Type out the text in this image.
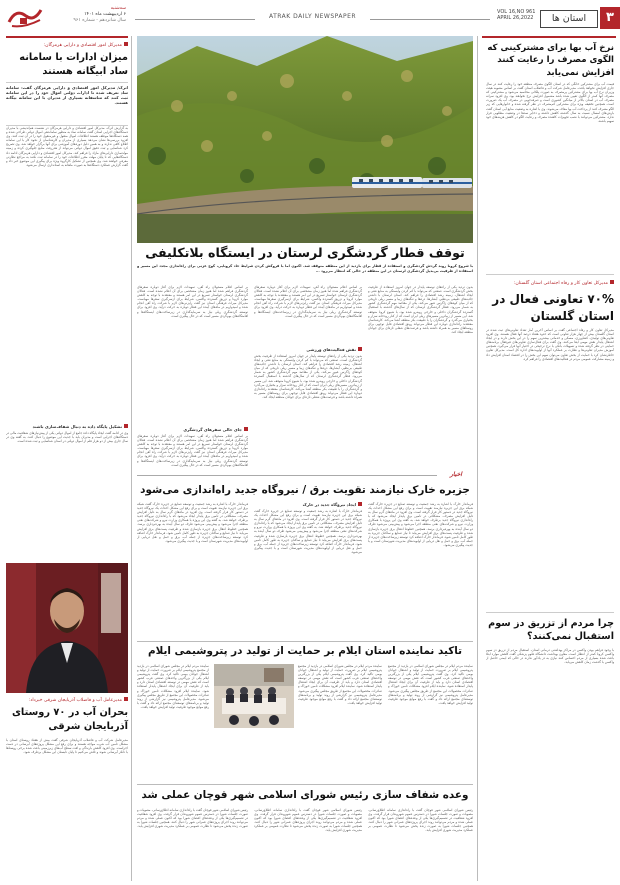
۳
استان ها
VOL 16,NO 961
APRIL 26,2022
ATRAK DAILY NEWSPAPER
سه‌شنبه
۶ اردیبهشت ماه ۱۴۰۱
سال شانزدهم - شماره ۹۶۱
نرخ آب بها برای مشترکینی که الگوی مصرف را رعایت کنند افزایش نمی‌یابد
قیمت آب برای مشترکین خانگی که در استان الگوی مصرف منطقه خود را رعایت کنند در سال جاری افزایش نخواهد یافت. مدیرعامل شرکت آب و فاضلاب استان گفت بر اساس مصوبه هیئت وزیران نرخ آب بها برای مشترکین پرمصرف به صورت پلکانی محاسبه می‌شود و مشترکینی که مصرف آنها کمتر از الگوی تعیین شده باشد مشمول افزایش نرخ نخواهند بود. وی افزود سرانه مصرف آب در استان بالاتر از میانگین کشوری است و صرفه‌جویی در مصرف آب یک ضرورت است. همچنین تخفیف ویژه برای مشترکین کم‌مصرف در نظر گرفته شده و خانوارهایی که زیر الگو مصرف کنند از پرداخت آب بها معاف می‌شوند. وی با اشاره به وضعیت منابع آبی استان گفت بارش‌های امسال نسبت به سال گذشته کاهش داشته و ذخایر سدها در وضعیت مطلوبی قرار ندارد. مشترکین می‌توانند با نصب تجهیزات کاهنده مصرف و رعایت الگو در کاهش هزینه‌های خود سهیم باشند.
مدیرکل تعاون کار و رفاه اجتماعی استان گلستان:
۷۰% تعاونی فعال در استان گلستان
مدیرکل تعاون کار و رفاه اجتماعی گفت بر اساس آخرین آمار تعداد تعاونی‌های ثبت شده در استان گلستان بیش از چهار هزار تعاونی است که حدود هفتاد درصد آنها فعال هستند. وی افزود تعاونی‌های تولیدی، کشاورزی، مسکن و خدماتی بیشترین سهم را در این بخش دارند و در ایجاد اشتغال پایدار نقش مهمی ایفا می‌کنند. وی گفت برای فعال‌سازی تعاونی‌های غیرفعال برنامه‌های حمایتی در نظر گرفته شده و تسهیلات بانکی با نرخ ترجیحی در اختیار آنها قرار می‌گیرد. همچنین آموزش مدیران تعاونی‌ها و نظارت بر عملکرد آنها از اولویت‌های اداره کل است. مدیرکل تعاون خاطرنشان کرد با حمایت از بخش تعاون می‌توان سهم این بخش را در اقتصاد استان افزایش داد و زمینه مشارکت عمومی مردم در فعالیت‌های اقتصادی را فراهم کرد.
چرا مردم از تزریق دز سوم استقبال نمی‌کنند؟
با وجود فراهم بودن واکسن در مراکز بهداشتی درمانی استان، استقبال مردم از تزریق دز سوم واکسن کرونا کمتر از انتظار است. معاون بهداشت دانشگاه علوم پزشکی گفت کاهش موارد ابتلا باعث شده بسیاری از مردم احساس کنند نیازی به دز یادآور ندارند در حالی که ایمنی حاصل از واکسن با گذشت زمان کاهش می‌یابد.
توقف قطار گردشگری لرستان در ایستگاه بلاتکلیفی
با شروع کرونا روند گردش گردشگری و استفاده از قطار برای بازدید از این منطقه متوقف شد. اکنون اما با فروکش کردن شرایط حاد کرونایی، کوچ عزتی برای راه‌اندازی مجدد این مسیر و استفاده از ظرفیت بی‌بدیل گردشگری لرستان در این منطقه در حالی که انتظار می‌رود ...
بدون تردید یکی از راه‌های توسعه پایدار در جهان امروز استفاده از ظرفیت بخش گردشگری است. صنعتی که می‌تواند با کم کردن وابستگی به منابع نفتی و ایجاد اشتغال، زمینه رشد اقتصادی را فراهم کند. استان لرستان با داشتن جاذبه‌های طبیعی بی‌نظیر، آبشارها، دره‌ها و تنگه‌های زیبا و مسیر ریلی تاریخی که از میان کوه‌های زاگرس عبور می‌کند، یکی از مقاصد مهم گردشگری کشور به شمار می‌رود. قطار گردشگری لرستان که از سال‌های گذشته با استقبال گسترده گردشگران داخلی و خارجی روبه‌رو شده بود، با شیوع کرونا متوقف شد. این مسیر از زیباترین مسیرهای ریلی ایران است که از کنار رودخانه سزار و بختیاری می‌گذرد و گردشگران را با طبیعت بکر منطقه آشنا می‌کند. کارشناسان معتقدند راه‌اندازی دوباره این قطار می‌تواند رونق اقتصادی قابل توجهی برای روستاهای مسیر به همراه داشته باشد و فرصت‌های شغلی تازه‌ای برای جوانان منطقه ایجاد کند.
بر اساس اعلام مسئولان راه آهن، تمهیدات لازم برای آغاز دوباره سفرهای گردشگری فراهم شده اما هنوز زمان مشخصی برای آن اعلام نشده است. فعالان گردشگری لرستان خواستار تسریع در این امر هستند و معتقدند با توجه به کاهش موارد کرونا و تزریق گسترده واکسن، شرایط برای ازسرگیری سفرها مهیاست. مدیرکل میراث فرهنگی استان نیز گفت رایزنی‌های لازم با شرکت راه آهن انجام شده و امیدواریم در ماه‌های آینده این قطار دوباره به حرکت درآید. وی افزود برای توسعه گردشگری ریلی نیاز به سرمایه‌گذاری در زیرساخت‌های ایستگاه‌ها و اقامتگاه‌های بوم‌گردی مسیر است که در حال پیگیری است.
نقش فعالیت‌های ورزشی
بدون تردید یکی از راه‌های توسعه پایدار در جهان امروز استفاده از ظرفیت بخش گردشگری است. صنعتی که می‌تواند با کم کردن وابستگی به منابع نفتی و ایجاد اشتغال، زمینه رشد اقتصادی را فراهم کند. استان لرستان با داشتن جاذبه‌های طبیعی بی‌نظیر، آبشارها، دره‌ها و تنگه‌های زیبا و مسیر ریلی تاریخی که از میان کوه‌های زاگرس عبور می‌کند، یکی از مقاصد مهم گردشگری کشور به شمار می‌رود. قطار گردشگری لرستان که از سال‌های گذشته با استقبال گسترده گردشگران داخلی و خارجی روبه‌رو شده بود، با شیوع کرونا متوقف شد. این مسیر از زیباترین مسیرهای ریلی ایران است که از کنار رودخانه سزار و بختیاری می‌گذرد و گردشگران را با طبیعت بکر منطقه آشنا می‌کند. کارشناسان معتقدند راه‌اندازی دوباره این قطار می‌تواند رونق اقتصادی قابل توجهی برای روستاهای مسیر به همراه داشته باشد و فرصت‌های شغلی تازه‌ای برای جوانان منطقه ایجاد کند.
بر اساس اعلام مسئولان راه آهن، تمهیدات لازم برای آغاز دوباره سفرهای گردشگری فراهم شده اما هنوز زمان مشخصی برای آن اعلام نشده است. فعالان گردشگری لرستان خواستار تسریع در این امر هستند و معتقدند با توجه به کاهش موارد کرونا و تزریق گسترده واکسن، شرایط برای ازسرگیری سفرها مهیاست. مدیرکل میراث فرهنگی استان نیز گفت رایزنی‌های لازم با شرکت راه آهن انجام شده و امیدواریم در ماه‌های آینده این قطار دوباره به حرکت درآید. وی افزود برای توسعه گردشگری ریلی نیاز به سرمایه‌گذاری در زیرساخت‌های ایستگاه‌ها و اقامتگاه‌های بوم‌گردی مسیر است که در حال پیگیری است.
جای خالی سفرهای گردشگری
بر اساس اعلام مسئولان راه آهن، تمهیدات لازم برای آغاز دوباره سفرهای گردشگری فراهم شده اما هنوز زمان مشخصی برای آن اعلام نشده است. فعالان گردشگری لرستان خواستار تسریع در این امر هستند و معتقدند با توجه به کاهش موارد کرونا و تزریق گسترده واکسن، شرایط برای ازسرگیری سفرها مهیاست. مدیرکل میراث فرهنگی استان نیز گفت رایزنی‌های لازم با شرکت راه آهن انجام شده و امیدواریم در ماه‌های آینده این قطار دوباره به حرکت درآید. وی افزود برای توسعه گردشگری ریلی نیاز به سرمایه‌گذاری در زیرساخت‌های ایستگاه‌ها و اقامتگاه‌های بوم‌گردی مسیر است که در حال پیگیری است.
اخبار
جزیره خارک نیازمند تقویت برق / نیروگاه جدید راه‌اندازی می‌شود
فرماندار خارک با اشاره به رشد جمعیت و توسعه صنایع در جزیره خارک گفت شبکه برق این جزیره نیازمند تقویت است و برای رفع این مشکل احداث یک نیروگاه جدید در دستور کار قرار گرفته است. وی افزود در ماه‌های گرم سال به دلیل افزایش مصرف، مشکلاتی در تامین برق پایدار ایجاد می‌شود که با راه‌اندازی نیروگاه جدید برطرف خواهد شد. به گفته وی این پروژه با همکاری وزارت نیرو و شرکت‌های نفتی منطقه اجرا می‌شود و پیش‌بینی می‌شود ظرف دو سال آینده به بهره‌برداری برسد. همچنین خطوط انتقال برق جزیره بازسازی شده و ظرفیت پست‌های برق افزایش می‌یابد تا نیاز صنایع و ساکنان جزیره به طور کامل تامین شود. فرماندار خارک اضافه کرد توسعه زیرساخت‌های جزیره از جمله آب، برق و حمل و نقل دریایی از اولویت‌های مدیریت شهرستان است و با جدیت پیگیری می‌شود.
ایجاد نیروگاه جدید در خارک
فرماندار خارک با اشاره به رشد جمعیت و توسعه صنایع در جزیره خارک گفت شبکه برق این جزیره نیازمند تقویت است و برای رفع این مشکل احداث یک نیروگاه جدید در دستور کار قرار گرفته است. وی افزود در ماه‌های گرم سال به دلیل افزایش مصرف، مشکلاتی در تامین برق پایدار ایجاد می‌شود که با راه‌اندازی نیروگاه جدید برطرف خواهد شد. به گفته وی این پروژه با همکاری وزارت نیرو و شرکت‌های نفتی منطقه اجرا می‌شود و پیش‌بینی می‌شود ظرف دو سال آینده به بهره‌برداری برسد. همچنین خطوط انتقال برق جزیره بازسازی شده و ظرفیت پست‌های برق افزایش می‌یابد تا نیاز صنایع و ساکنان جزیره به طور کامل تامین شود. فرماندار خارک اضافه کرد توسعه زیرساخت‌های جزیره از جمله آب، برق و حمل و نقل دریایی از اولویت‌های مدیریت شهرستان است و با جدیت پیگیری می‌شود.
فرماندار خارک با اشاره به رشد جمعیت و توسعه صنایع در جزیره خارک گفت شبکه برق این جزیره نیازمند تقویت است و برای رفع این مشکل احداث یک نیروگاه جدید در دستور کار قرار گرفته است. وی افزود در ماه‌های گرم سال به دلیل افزایش مصرف، مشکلاتی در تامین برق پایدار ایجاد می‌شود که با راه‌اندازی نیروگاه جدید برطرف خواهد شد. به گفته وی این پروژه با همکاری وزارت نیرو و شرکت‌های نفتی منطقه اجرا می‌شود و پیش‌بینی می‌شود ظرف دو سال آینده به بهره‌برداری برسد. همچنین خطوط انتقال برق جزیره بازسازی شده و ظرفیت پست‌های برق افزایش می‌یابد تا نیاز صنایع و ساکنان جزیره به طور کامل تامین شود. فرماندار خارک اضافه کرد توسعه زیرساخت‌های جزیره از جمله آب، برق و حمل و نقل دریایی از اولویت‌های مدیریت شهرستان است و با جدیت پیگیری می‌شود.
تاکید نماینده استان ایلام بر حمایت از تولید در پتروشیمی ایلام
نماینده مردم ایلام در مجلس شورای اسلامی در بازدید از مجتمع پتروشیمی ایلام بر ضرورت حمایت از تولید و اشتغال جوانان بومی تاکید کرد. وی گفت پتروشیمی ایلام یکی از بزرگترین واحدهای صنعتی غرب کشور است که نقش مهمی در توسعه اقتصادی استان دارد و باید از ظرفیت آن برای ایجاد اشتغال پایدار استفاده شود. نماینده ایلام افزود مشکلات تامین خوراک و صادرات محصولات این مجتمع از طریق مجلس پیگیری می‌شود. مدیرعامل پتروشیمی نیز گزارشی از روند تولید و برنامه‌های توسعه‌ای مجتمع ارائه داد و گفت با رفع موانع موجود ظرفیت تولید افزایش خواهد یافت.
نماینده مردم ایلام در مجلس شورای اسلامی در بازدید از مجتمع پتروشیمی ایلام بر ضرورت حمایت از تولید و اشتغال جوانان بومی تاکید کرد. وی گفت پتروشیمی ایلام یکی از بزرگترین واحدهای صنعتی غرب کشور است که نقش مهمی در توسعه اقتصادی استان دارد و باید از ظرفیت آن برای ایجاد اشتغال پایدار استفاده شود. نماینده ایلام افزود مشکلات تامین خوراک و صادرات محصولات این مجتمع از طریق مجلس پیگیری می‌شود. مدیرعامل پتروشیمی نیز گزارشی از روند تولید و برنامه‌های توسعه‌ای مجتمع ارائه داد و گفت با رفع موانع موجود ظرفیت تولید افزایش خواهد یافت.
نماینده مردم ایلام در مجلس شورای اسلامی در بازدید از مجتمع پتروشیمی ایلام بر ضرورت حمایت از تولید و اشتغال جوانان بومی تاکید کرد. وی گفت پتروشیمی ایلام یکی از بزرگترین واحدهای صنعتی غرب کشور است که نقش مهمی در توسعه اقتصادی استان دارد و باید از ظرفیت آن برای ایجاد اشتغال پایدار استفاده شود. نماینده ایلام افزود مشکلات تامین خوراک و صادرات محصولات این مجتمع از طریق مجلس پیگیری می‌شود. مدیرعامل پتروشیمی نیز گزارشی از روند تولید و برنامه‌های توسعه‌ای مجتمع ارائه داد و گفت با رفع موانع موجود ظرفیت تولید افزایش خواهد یافت.
وعده شفاف سازی رئیس شورای اسلامی شهر قوچان عملی شد
رئیس شورای اسلامی شهر قوچان گفت با راه‌اندازی سامانه اطلاع‌رسانی، مصوبات و صورت جلسات شورا در دسترس عموم شهروندان قرار گرفت. وی افزود شفافیت در تصمیم‌گیری‌ها یکی از وعده‌های اعضای شورا بود که اکنون عملی شده و مردم می‌توانند روند اجرای پروژه‌های عمرانی شهر را دنبال کنند. همچنین جلسات شورا به صورت زنده پخش می‌شود تا نظارت عمومی بر عملکرد مدیریت شهری افزایش یابد.
رئیس شورای اسلامی شهر قوچان گفت با راه‌اندازی سامانه اطلاع‌رسانی، مصوبات و صورت جلسات شورا در دسترس عموم شهروندان قرار گرفت. وی افزود شفافیت در تصمیم‌گیری‌ها یکی از وعده‌های اعضای شورا بود که اکنون عملی شده و مردم می‌توانند روند اجرای پروژه‌های عمرانی شهر را دنبال کنند. همچنین جلسات شورا به صورت زنده پخش می‌شود تا نظارت عمومی بر عملکرد مدیریت شهری افزایش یابد.
رئیس شورای اسلامی شهر قوچان گفت با راه‌اندازی سامانه اطلاع‌رسانی، مصوبات و صورت جلسات شورا در دسترس عموم شهروندان قرار گرفت. وی افزود شفافیت در تصمیم‌گیری‌ها یکی از وعده‌های اعضای شورا بود که اکنون عملی شده و مردم می‌توانند روند اجرای پروژه‌های عمرانی شهر را دنبال کنند. همچنین جلسات شورا به صورت زنده پخش می‌شود تا نظارت عمومی بر عملکرد مدیریت شهری افزایش یابد.
مدیرکل امور اقتصادی و دارایی هرمزگان:
میزان ادارات با سامانه ساد ابیگانه هستند
اترک/ مدیرکل امور اقتصادی و دارایی هرمزگان گفت: سامانه ساد تعریف شده تا ادارات دولتی اموال خود را در این سامانه ثبت کنند که متاسفانه بسیاری از مدیران با این سامانه بیگانه هستند.
به گزارش اترک، مدیرکل امور اقتصادی و دارایی هرمزگان در نشست هم‌اندیشی با مدیران دستگاه‌های اجرایی استان گفت سامانه ساد به منظور ساماندهی اموال دولتی طراحی شده و همه دستگاه‌ها موظف هستند اطلاعات اموال منقول و غیرمنقول خود را در آن ثبت کنند. وی افزود بررسی‌ها نشان می‌دهد بسیاری از مدیران و کارشناسان از نحوه کار با این سامانه اطلاع کافی ندارند و به همین دلیل دوره‌های آموزشی برای آنها برگزار خواهد شد. وی تصریح کرد شناسایی و ثبت دقیق اموال دولتی می‌تواند از هدررفت منابع جلوگیری کرده و زمینه مولدسازی دارایی‌های مازاد را فراهم کند. مدیرکل امور اقتصادی و دارایی هرمزگان ادامه داد دستگاه‌هایی که تا پایان مهلت مقرر اطلاعات خود را در سامانه ثبت نکنند به مراجع نظارتی معرفی خواهند شد. وی همچنین از تشکیل کارگروه ویژه برای پیگیری این موضوع خبر داد و گفت گزارش عملکرد دستگاه‌ها به صورت ماهانه به استانداری ارسال می‌شود.
تشکیل پایگاه داده به دنبال شفاف‌سازی باشند
وی در ادامه گفت ایجاد پایگاه داده جامع از اموال دولتی یکی از پیش‌نیازهای شفافیت مالی در دستگاه‌های اجرایی است و مدیران باید با جدیت این موضوع را دنبال کنند. به گفته وی در سال جاری بیش از دو هزار قلم از اموال دولتی در استان شناسایی و ثبت شده است.
مدیرعامل آب و فاضلاب آذربایجان شرقی خبرداد:
بحران آب در ۷۰ روستای آذربایجان شرقی
مدیرعامل شرکت آب و فاضلاب آذربایجان شرقی گفت بیش از هفتاد روستای استان با مشکل تامین آب شرب مواجه هستند و برای رفع این مشکل پروژه‌های آبرسانی در دست اجراست. وی افزود کاهش بارندگی و افت سطح آب‌های زیرزمینی باعث شده برخی روستاها با تانکر آبرسانی شوند و تلاش می‌کنیم تا پایان تابستان این مشکل برطرف شود.
